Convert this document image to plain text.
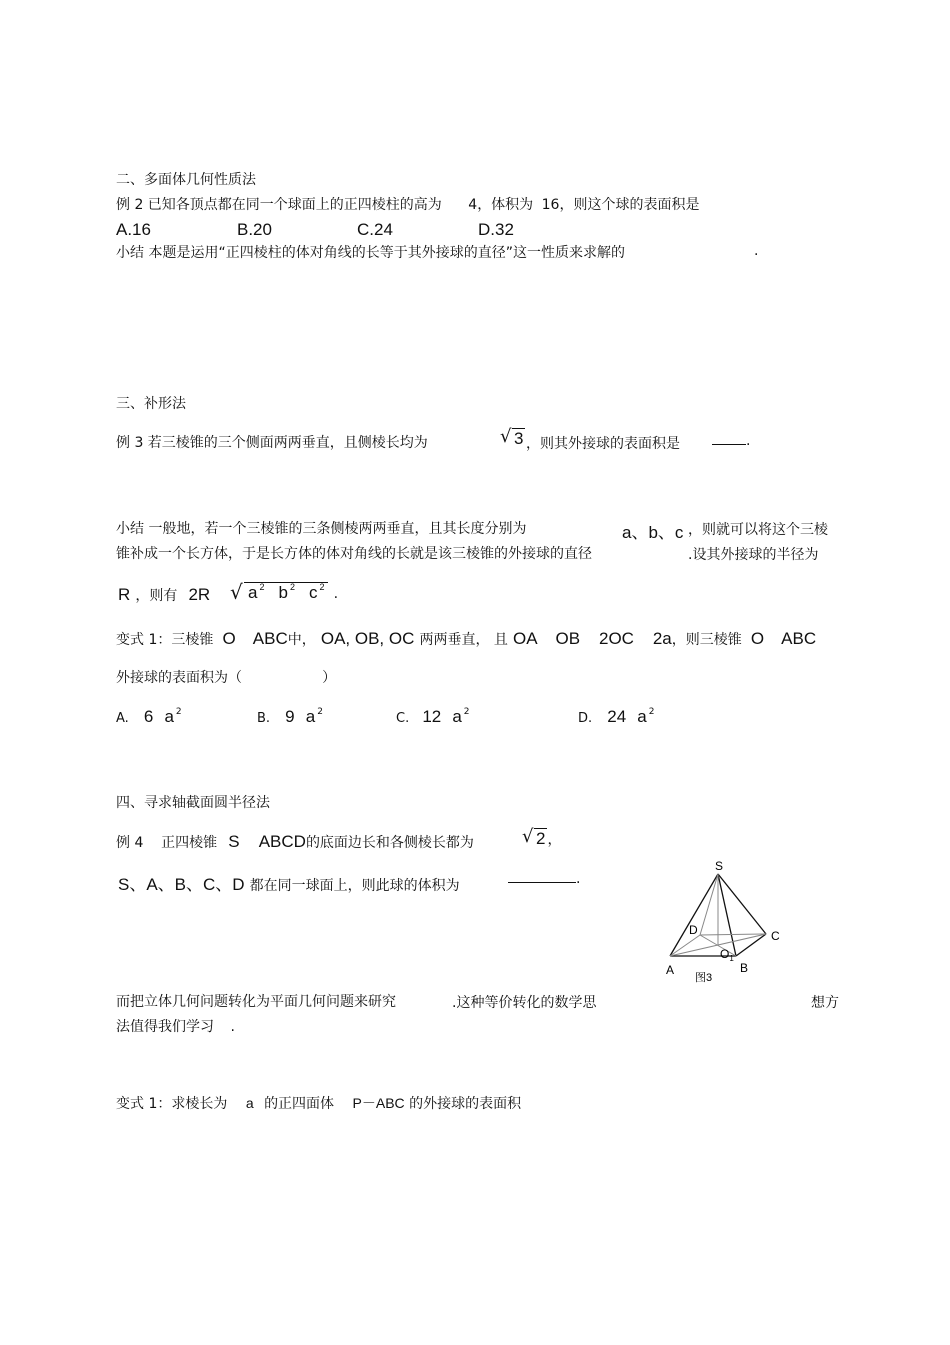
二、多面体几何性质法
例 2 已知各顶点都在同一个球面上的正四棱柱的高为 4，体积为 16，则这个球的表面积是
A.16	B.20	C.24	D.32
小结 本题是运用“正四棱柱的体对角线的长等于其外接球的直径”这一性质来求解的	.
三、补形法
例 3 若三棱锥的三个侧面两两垂直，且侧棱长均为	√ 3 ，则其外接球的表面积是	.
小结 一般地，若一个三棱锥的三条侧棱两两垂直，且其长度分别为	a、b、c ，则就可以将这个三棱
锥补成一个长方体，于是长方体的体对角线的长就是该三棱锥的外接球的直径	.设其外接球的半径为
R ，则有 2R √ a $^2$ b $^2$ c $^2$ .
变式 1：三棱锥 O ABC中， OA, OB, OC 两两垂直， 且 OA    OB    2OC    2a，则三棱锥 O ABC
外接球的表面积为（                  ）
A. 6 a $^2$	B. 9 a $^2$	C. 12 a $^2$	D. 24 a $^2$
四、寻求轴截面圆半径法
例 4    正四棱锥 S ABCD的底面边长和各侧棱长都为	√ 2 ，
S、A、B、C、D 都在同一球面上，则此球的体积为	.
S
D	C
A	B
$O_1$
图3
而把立体几何问题转化为平面几何问题来研究	.这种等价转化的数学思	想方
法值得我们学习 .
变式 1：求棱长为 a 的正四面体 P－ABC 的外接球的表面积
